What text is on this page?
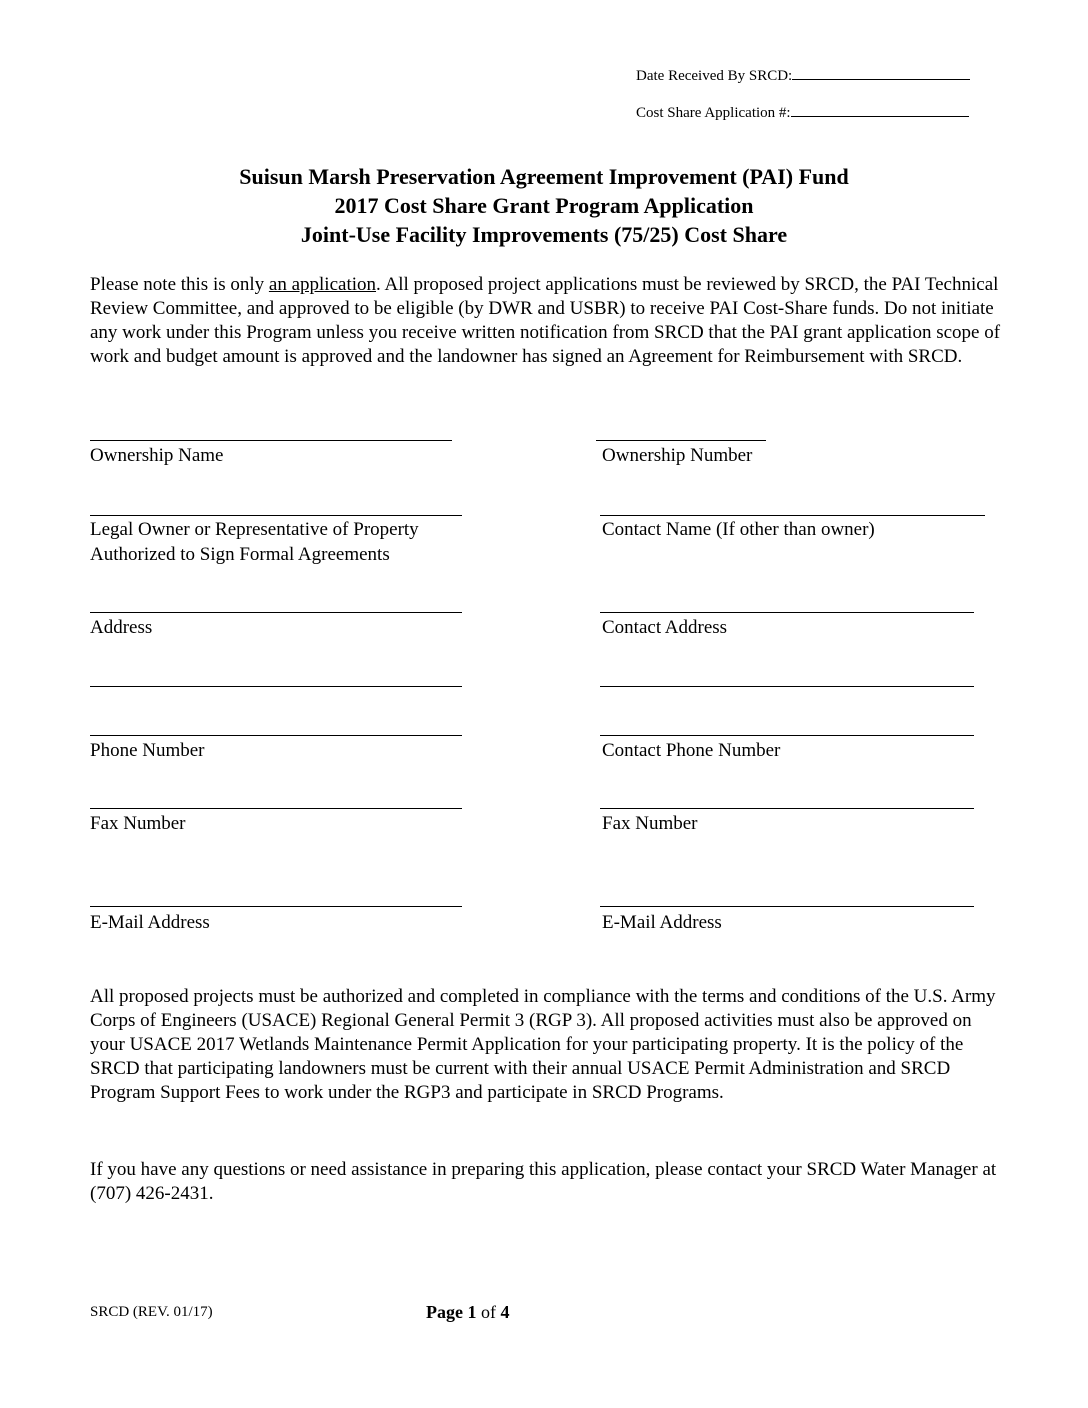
Date Received By SRCD:
Cost Share Application #:
Suisun Marsh Preservation Agreement Improvement (PAI) Fund
2017 Cost Share Grant Program Application
Joint-Use Facility Improvements (75/25) Cost Share
Please note this is only an application. All proposed project applications must be reviewed by SRCD, the PAI Technical Review Committee, and approved to be eligible (by DWR and USBR) to receive PAI Cost-Share funds. Do not initiate any work under this Program unless you receive written notification from SRCD that the PAI grant application scope of work and budget amount is approved and the landowner has signed an Agreement for Reimbursement with SRCD.
Ownership Name
Legal Owner or Representative of Property
Authorized to Sign Formal Agreements
Address
Phone Number
Fax Number
E-Mail Address
Ownership Number
Contact Name (If other than owner)
Contact Address
Contact Phone Number
Fax Number
E-Mail Address
All proposed projects must be authorized and completed in compliance with the terms and conditions of the U.S. Army Corps of Engineers (USACE) Regional General Permit 3 (RGP 3). All proposed activities must also be approved on your USACE 2017 Wetlands Maintenance Permit Application for your participating property. It is the policy of the SRCD that participating landowners must be current with their annual USACE Permit Administration and SRCD Program Support Fees to work under the RGP3 and participate in SRCD Programs.
If you have any questions or need assistance in preparing this application, please contact your SRCD Water Manager at (707) 426-2431.
SRCD (REV. 01/17)	Page 1 of 4
